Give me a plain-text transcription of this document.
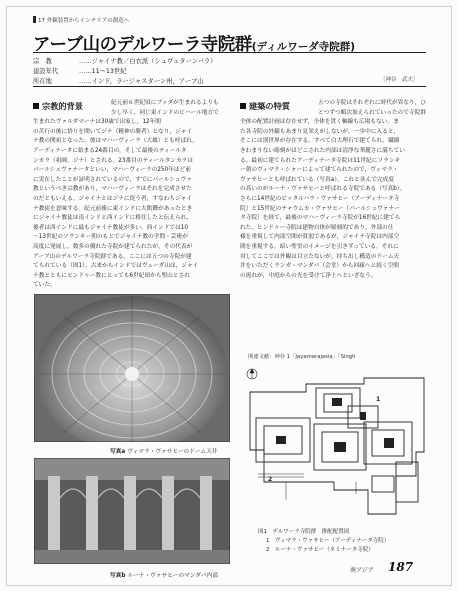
17 外観装置からインテリアの創造へ
アーブ山のデルワーラ寺院群(ディルワーダ寺院群)
宗　教	……ジャイナ教／白衣派（シュヴェターンバラ）
建設年代	……11～13世紀
所在地	……インド，ラージャスターン州，アーブ山	［神谷　武夫］
宗教的背景	紀元前６世紀頃にブッダが生まれるよりも
少し早く，同じ東インドのビハール地方で
生まれたヴァルダマーナは30歳で出家し，12年間
の苦行の後に悟りを開いてジナ（精神の勝者）となり，ジャイ
ナ教の開祖となった。彼はマハーヴィーラ（大雄）とも呼ばれ，
アーディナータに始まる24番目の，そして最後のティールタ
ンカラ（祖師，ジナ）とされる。23番目のティールタンカラは
パールシュヴァナータといい，マハーヴィーラの250年ほど前
に実在したことが証明されているので，すでにパールシュヴァ
教というべき宗教があり，マハーヴィーラはそれを完成させた
のだともいえる。ジャイナとはジナに従う者，すなわちジャイ
ナ教徒を意味する。紀元前後に東インドに大飢饉があったとき
にジャイナ教徒は南インドと西インドに移住したと伝えられ，
後者は西インドに最もジャイナ教徒が多い。西インドでは10
～13世紀のソランキー朝のもとでジャイナ教の学問・芸術が
高度に発展し，数多の優れた寺院が建てられたが，その代表が
アーブ山のデルワーラ寺院群である。ここには五つの寺院が建
てられている（図1）。古来からインドではヴェーダ山は，ジャイ
ナ教とともにヒンドゥー教にとっても6世紀頃から聖山とされ
ていた。
写真a ヴィマラ・ヴァサヒーのドーム天井
写真b ルーナ・ヴァサヒーのマンダパ内部
建築の特質	五つの寺院はそれぞれに時代が異なり，ひ
とつずつ順次加えられていったので寺院群
全体の配置計画は存在せず，全体を貫く軸線も広場もない。ま
た各寺院の外観もあまり見栄えがしないが，一歩中に入ると，
そこには別世界が存在する。すべて白大理石で建てられ，繊細
きわまりない彫刻がほどこされた内部は清浄な華麗さに満ちてい
る。最初に建てられたアーディナータ寺院は11世紀にソランキ
ー朝のヴィマラ・シャーによって建てられたので，ヴィマラ・
ヴァサヒーとも呼ばれている（写真a）。これと並んで完成度
の高いのがルーナ・ヴァサヒーと呼ばれる寺院である（写真b）。
さらに14世紀のピッタルハラ・ヴァサヒー（アーディナータ寺
院）と15世紀のチャウムカ・ヴァサヒー（パールシュヴァナー
タ寺院）を経て，最後のマハーヴィーラ寺院が16世紀に建てら
れた。ヒンドゥー寺院は建物自体が彫刻的であり，外部の仕
様を重視して内部空間が貧弱であるが，ジャイナ寺院は内部空
間を重視する。暗い聖堂のイメージを引きずっている。それに
対してここでは外観は目立たないが，持ち出し構造のドーム天
井をいただくランガ・マンダパ（会堂）から回廊へと続く空間
の流れが，中庭からの光を受けて浄土へといざなう。
関連文献：神谷 1「Jayamarajasia」「Singh
1
2
図1　 デルワーラ寺院群　排配配置図
1　ヴィマラ・ヴァサヒー（アーディナータ寺院）
2　ルーナ・ヴァサヒー（ネミナータ寺院）
南アジア 187
